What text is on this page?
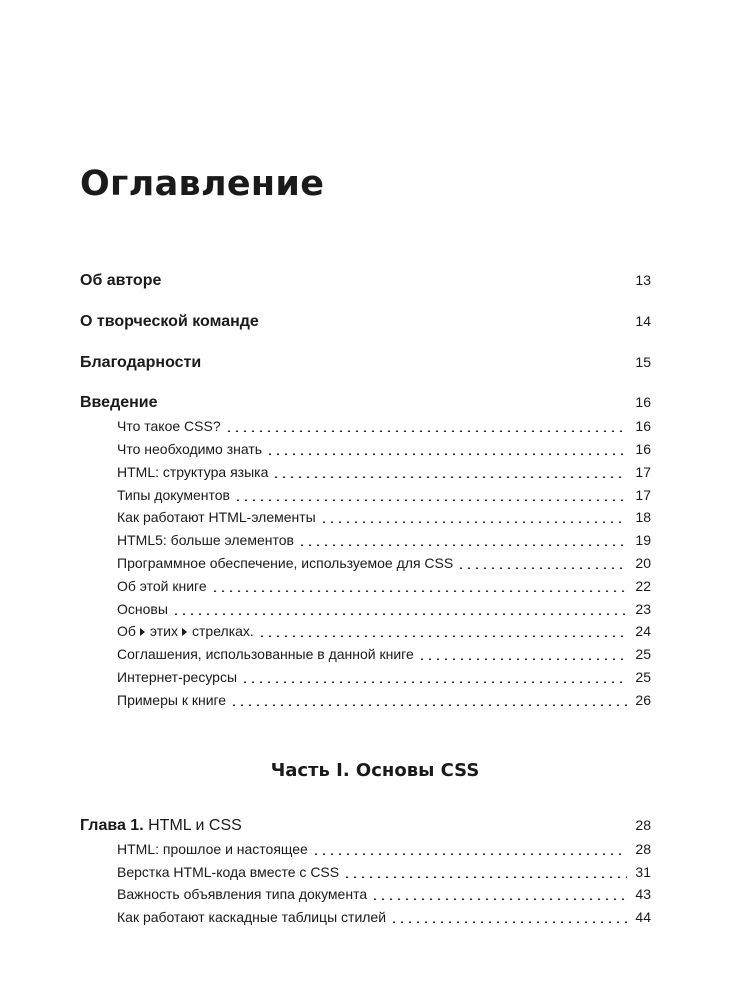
Оглавление
Об авторе	13
О творческой команде	14
Благодарности	15
Введение	16
Что такое CSS?	16
Что необходимо знать	16
HTML: структура языка	17
Типы документов	17
Как работают HTML-элементы	18
HTML5: больше элементов	19
Программное обеспечение, используемое для CSS	20
Об этой книге	22
Основы	23
Об этих стрелках.	24
Соглашения, использованные в данной книге	25
Интернет-ресурсы	25
Примеры к книге	26
Часть I. Основы CSS
Глава 1. HTML и CSS	28
HTML: прошлое и настоящее	28
Верстка HTML-кода вместе с CSS	31
Важность объявления типа документа	43
Как работают каскадные таблицы стилей	44
